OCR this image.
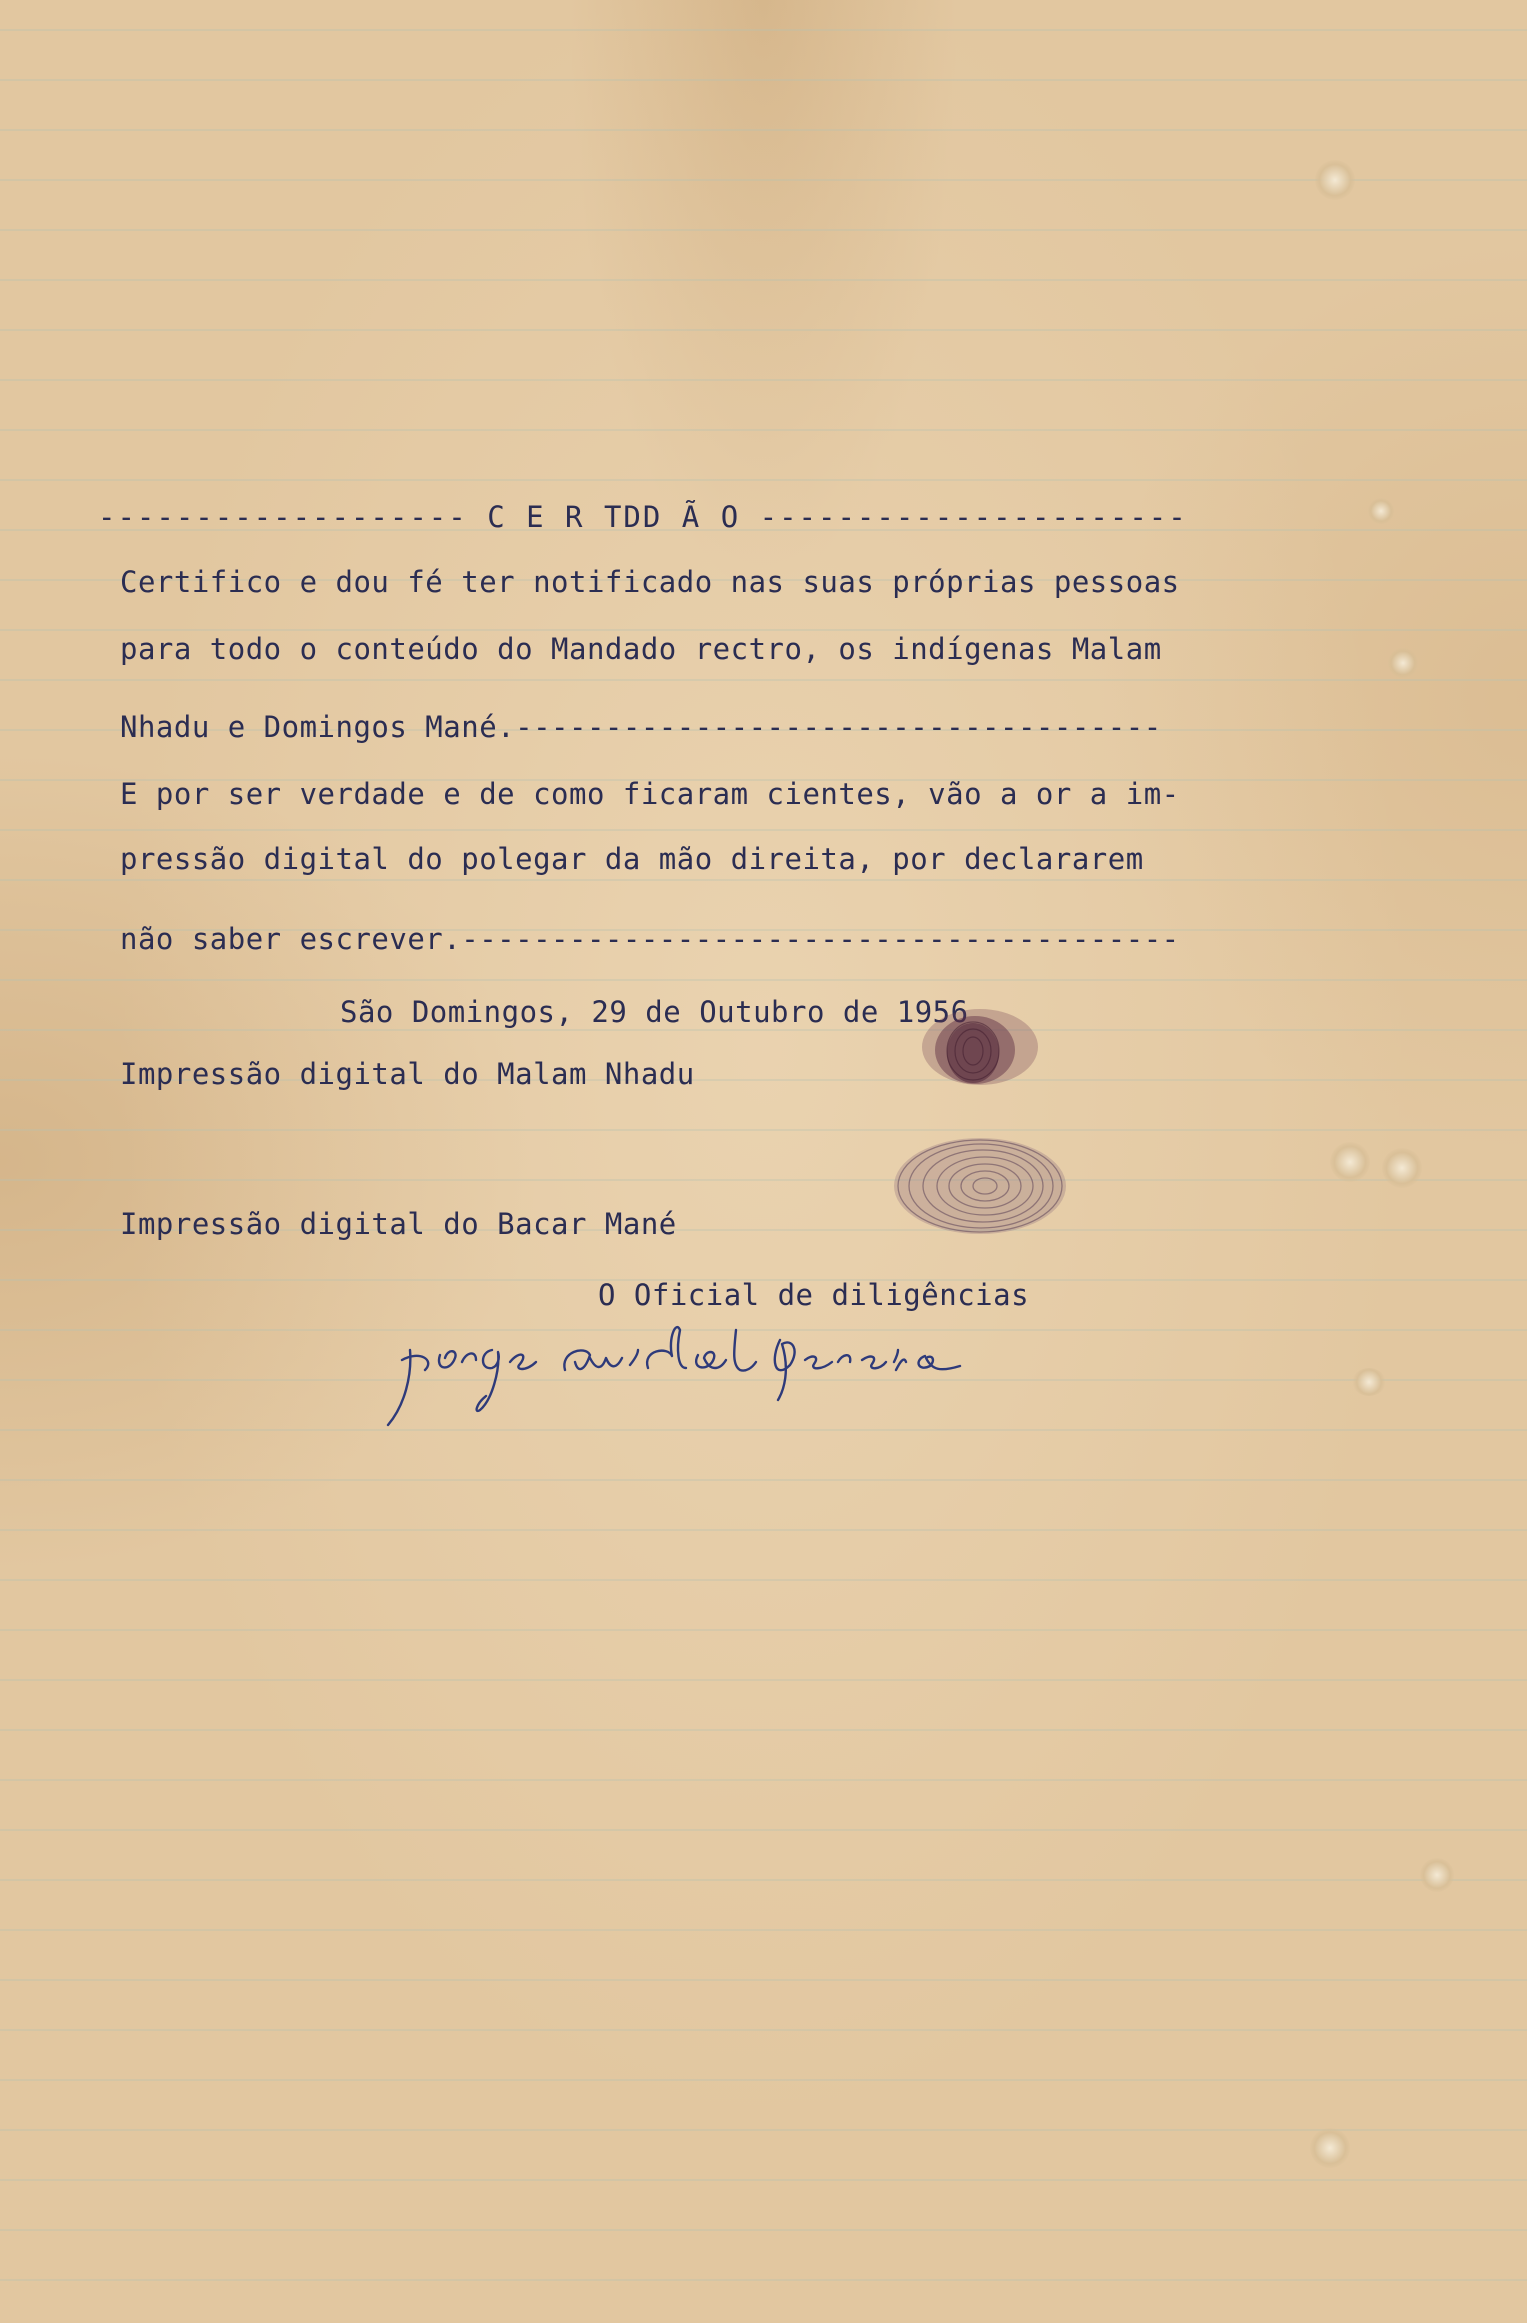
------------------- C E R TDD Ã O ----------------------
Certifico e dou fé ter notificado nas suas próprias pessoas
para todo o conteúdo do Mandado rectro, os indígenas Malam
Nhadu e Domingos Mané.------------------------------------
E por ser verdade e de como ficaram cientes, vão a or a im-
pressão digital do polegar da mão direita, por declararem
não saber escrever.----------------------------------------
São Domingos, 29 de Outubro de 1956
Impressão digital do Malam Nhadu
Impressão digital do Bacar Mané
O Oficial de diligências
